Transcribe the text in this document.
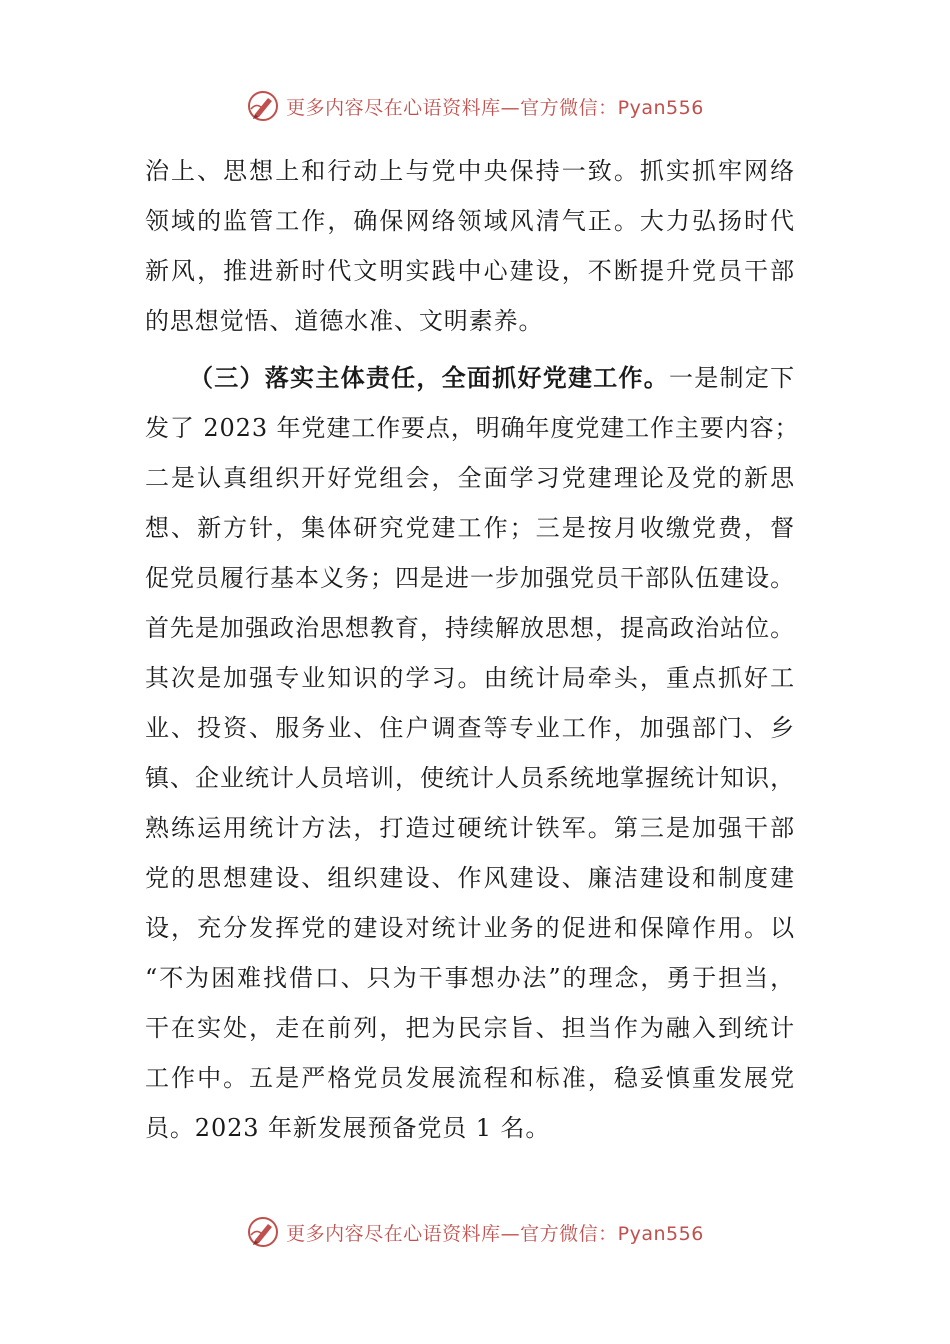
更多内容尽在心语资料库—官方微信：Pyan556
治上、思想上和行动上与党中央保持一致。抓实抓牢网络
领域的监管工作，确保网络领域风清气正。大力弘扬时代
新风，推进新时代文明实践中心建设，不断提升党员干部
的思想觉悟、道德水准、文明素养。
（三）落实主体责任，全面抓好党建工作。一是制定下
发了 2023 年党建工作要点，明确年度党建工作主要内容；
二是认真组织开好党组会，全面学习党建理论及党的新思
想、新方针，集体研究党建工作；三是按月收缴党费，督
促党员履行基本义务；四是进一步加强党员干部队伍建设。
首先是加强政治思想教育，持续解放思想，提高政治站位。
其次是加强专业知识的学习。由统计局牵头，重点抓好工
业、投资、服务业、住户调查等专业工作，加强部门、乡
镇、企业统计人员培训，使统计人员系统地掌握统计知识，
熟练运用统计方法，打造过硬统计铁军。第三是加强干部
党的思想建设、组织建设、作风建设、廉洁建设和制度建
设，充分发挥党的建设对统计业务的促进和保障作用。以
“不为困难找借口、只为干事想办法”的理念，勇于担当，
干在实处，走在前列，把为民宗旨、担当作为融入到统计
工作中。五是严格党员发展流程和标准，稳妥慎重发展党
员。2023 年新发展预备党员 1 名。
更多内容尽在心语资料库—官方微信：Pyan556
